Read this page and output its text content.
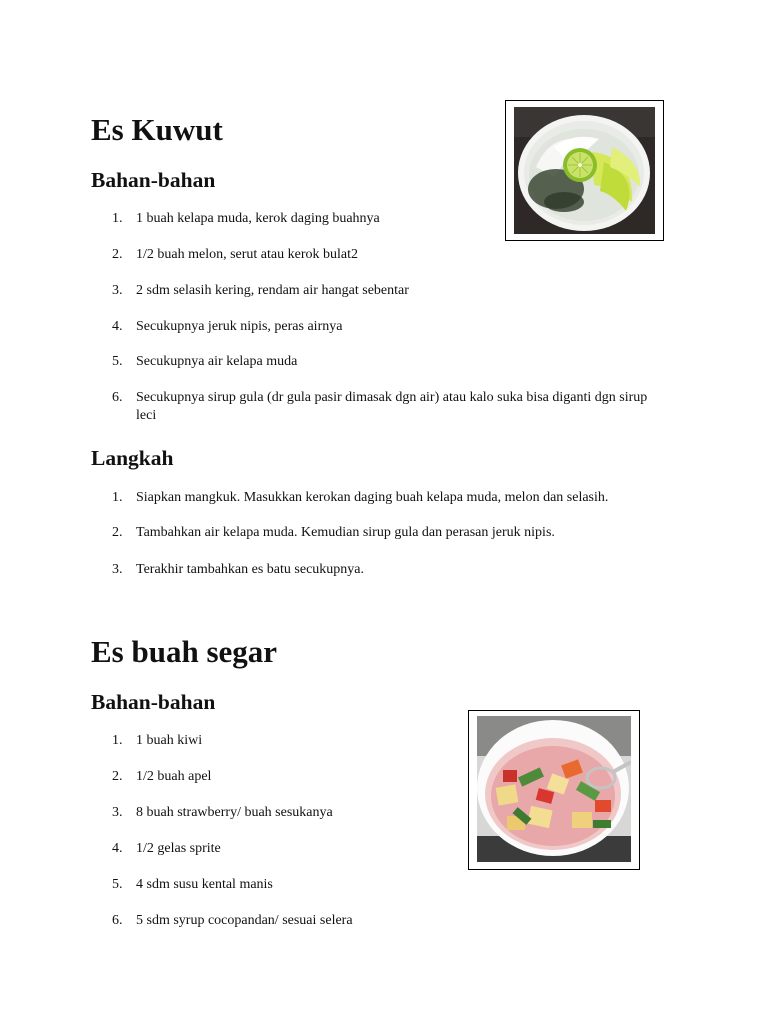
Es Kuwut
Bahan-bahan
1. 1 buah kelapa muda, kerok daging buahnya
2. 1/2 buah melon, serut atau kerok bulat2
3. 2 sdm selasih kering, rendam air hangat sebentar
4. Secukupnya jeruk nipis, peras airnya
5. Secukupnya air kelapa muda
6. Secukupnya sirup gula (dr gula pasir dimasak dgn air) atau kalo suka bisa diganti dgn sirup leci
Langkah
1. Siapkan mangkuk. Masukkan kerokan daging buah kelapa muda, melon dan selasih.
2. Tambahkan air kelapa muda. Kemudian sirup gula dan perasan jeruk nipis.
3. Terakhir tambahkan es batu secukupnya.
Es buah segar
Bahan-bahan
1. 1 buah kiwi
2. 1/2 buah apel
3. 8 buah strawberry/ buah sesukanya
4. 1/2 gelas sprite
5. 4 sdm susu kental manis
6. 5 sdm syrup cocopandan/ sesuai selera
